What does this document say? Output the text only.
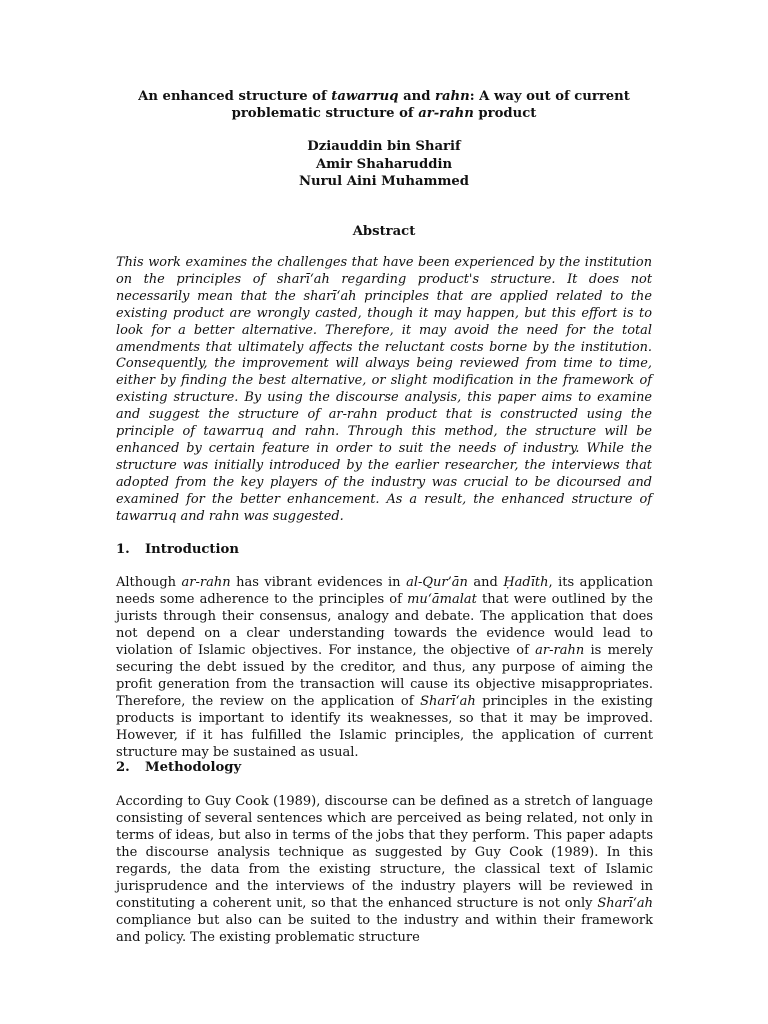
An enhanced structure of tawarruq and rahn: A way out of current problematic structure of ar-rahn product
Dziauddin bin Sharif
Amir Shaharuddin
Nurul Aini Muhammed
Abstract

This work examines the challenges that have been experienced by the institution on the principles of sharī‘ah regarding product's structure. It does not necessarily mean that the sharī‘ah principles that are applied related to the existing product are wrongly casted, though it may happen, but this effort is to look for a better alternative. Therefore, it may avoid the need for the total amendments that ultimately affects the reluctant costs borne by the institution. Consequently, the improvement will always being reviewed from time to time, either by finding the best alternative, or slight modification in the framework of existing structure. By using the discourse analysis, this paper aims to examine and suggest the structure of ar-rahn product that is constructed using the principle of tawarruq and rahn. Through this method, the structure will be enhanced by certain feature in order to suit the needs of industry. While the structure was initially introduced by the earlier researcher, the interviews that adopted from the key players of the industry was crucial to be dicoursed and examined for the better enhancement. As a result, the enhanced structure of tawarruq and rahn was suggested.

1. Introduction

Although ar-rahn has vibrant evidences in al-Qur’ān and Ḥadīth, its application needs some adherence to the principles of mu‘āmalat that were outlined by the jurists through their consensus, analogy and debate. The application that does not depend on a clear understanding towards the evidence would lead to violation of Islamic objectives. For instance, the objective of ar-rahn is merely securing the debt issued by the creditor, and thus, any purpose of aiming the profit generation from the transaction will cause its objective misappropriates. Therefore, the review on the application of Sharī‘ah principles in the existing products is important to identify its weaknesses, so that it may be improved. However, if it has fulfilled the Islamic principles, the application of current structure may be sustained as usual.

2. Methodology

According to Guy Cook (1989), discourse can be defined as a stretch of language consisting of several sentences which are perceived as being related, not only in terms of ideas, but also in terms of the jobs that they perform. This paper adapts the discourse analysis technique as suggested by Guy Cook (1989). In this regards, the data from the existing structure, the classical text of Islamic jurisprudence and the interviews of the industry players will be reviewed in constituting a coherent unit, so that the enhanced structure is not only Sharī‘ah compliance but also can be suited to the industry and within their framework and policy. The existing problematic structure
